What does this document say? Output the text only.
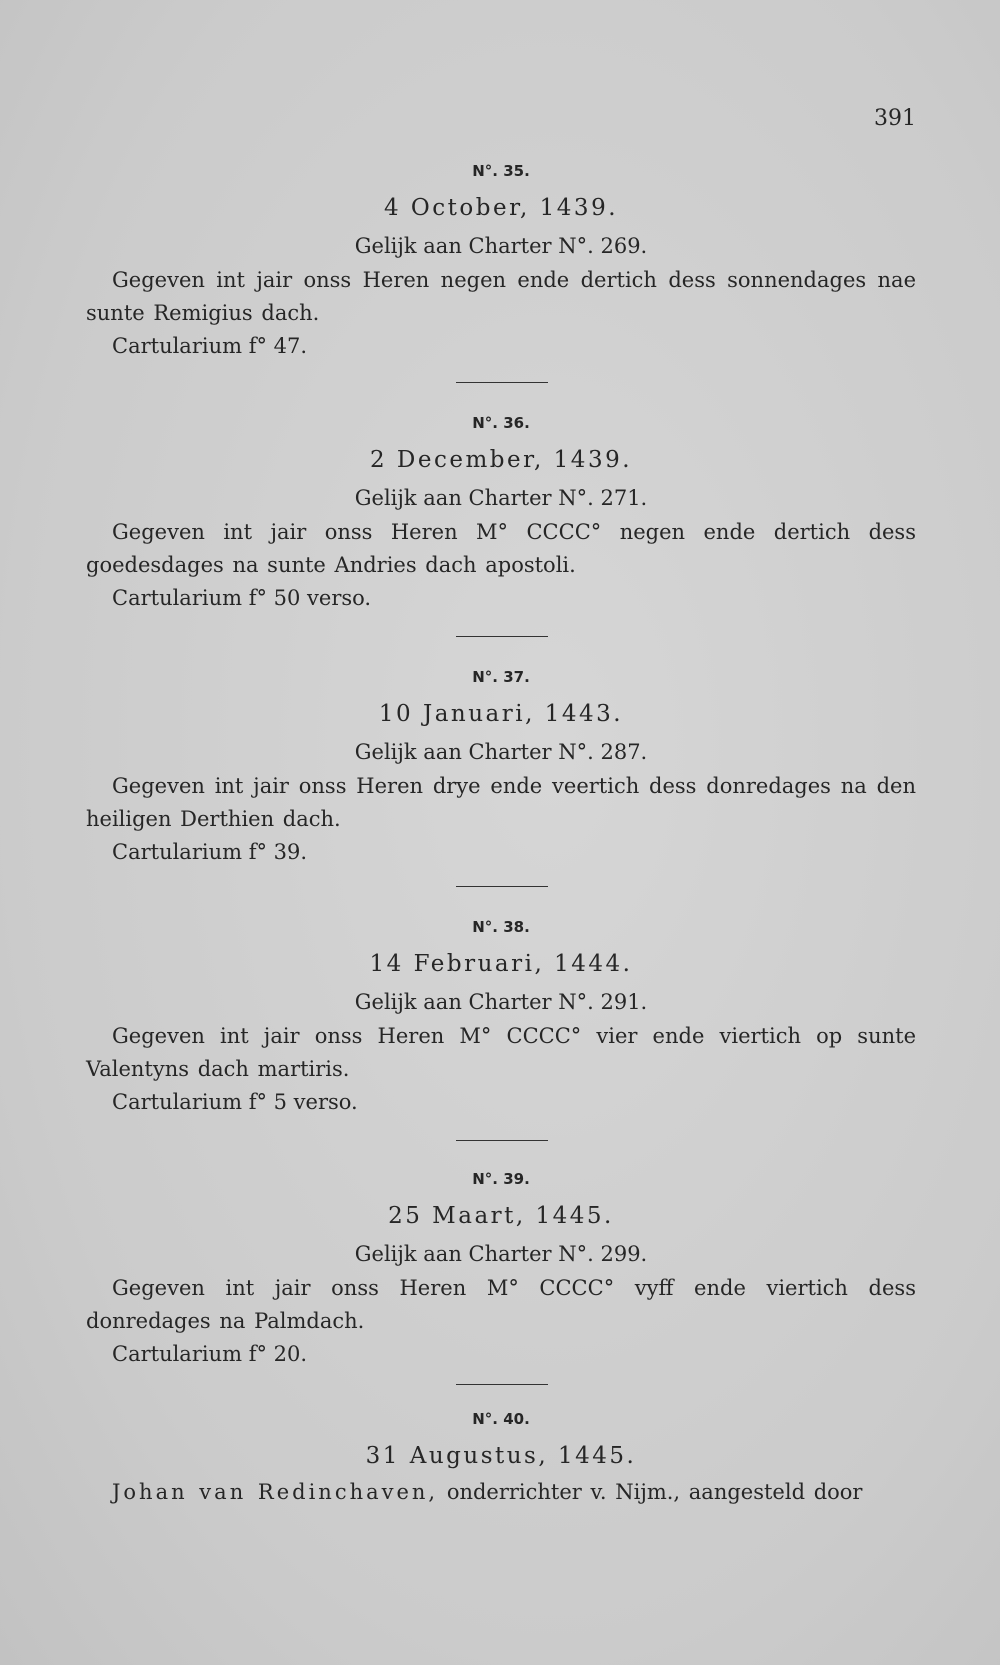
391
N°. 35.
4 October, 1439.
Gelijk aan Charter N°. 269.
Gegeven int jair onss Heren negen ende dertich dess sonnendages nae sunte Remigius dach.
Cartularium f° 47.
N°. 36.
2 December, 1439.
Gelijk aan Charter N°. 271.
Gegeven int jair onss Heren M° CCCC° negen ende dertich dess goedesdages na sunte Andries dach apostoli.
Cartularium f° 50 verso.
N°. 37.
10 Januari, 1443.
Gelijk aan Charter N°. 287.
Gegeven int jair onss Heren drye ende veertich dess donredages na den heiligen Derthien dach.
Cartularium f° 39.
N°. 38.
14 Februari, 1444.
Gelijk aan Charter N°. 291.
Gegeven int jair onss Heren M° CCCC° vier ende viertich op sunte Valentyns dach martiris.
Cartularium f° 5 verso.
N°. 39.
25 Maart, 1445.
Gelijk aan Charter N°. 299.
Gegeven int jair onss Heren M° CCCC° vyff ende viertich dess donredages na Palmdach.
Cartularium f° 20.
N°. 40.
31 Augustus, 1445.
Johan van Redinchaven, onderrichter v. Nijm., aangesteld door
